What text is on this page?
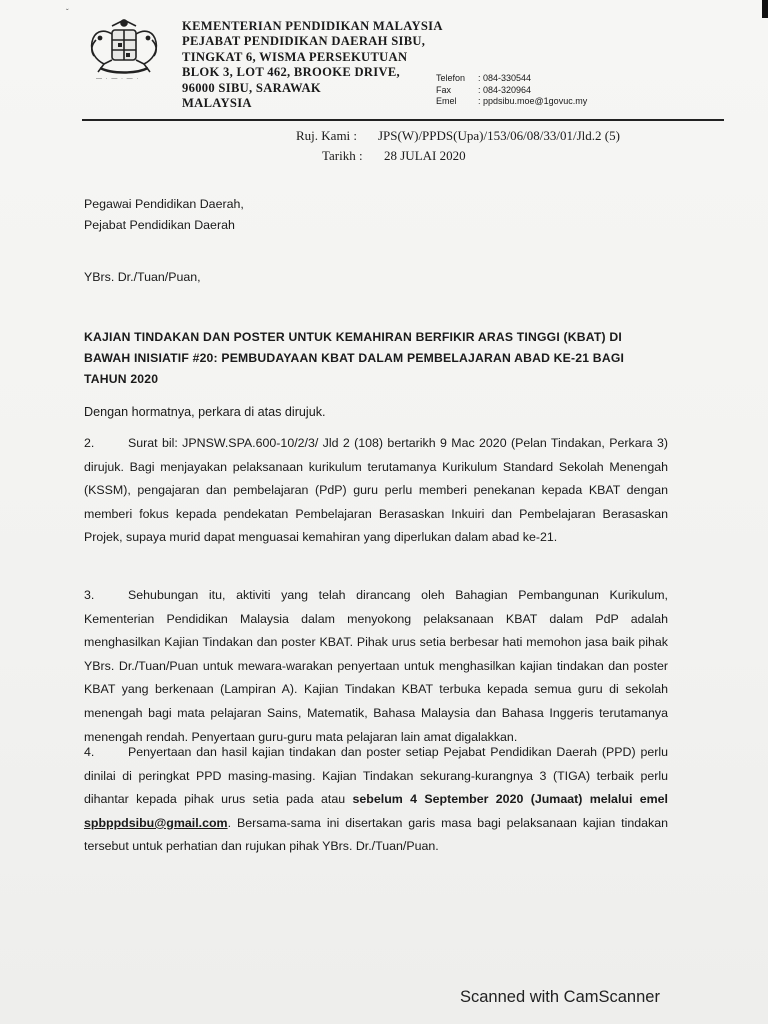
ˇ
— · — · — ·
KEMENTERIAN PENDIDIKAN MALAYSIA
PEJABAT PENDIDIKAN DAERAH SIBU,
TINGKAT 6, WISMA PERSEKUTUAN
BLOK 3, LOT 462, BROOKE DRIVE,
96000 SIBU, SARAWAK
MALAYSIA
Telefon	: 084-330544
Fax	: 084-320964
Emel	: ppdsibu.moe@1govuc.my
Ruj. Kami : JPS(W)/PPDS(Upa)/153/06/08/33/01/Jld.2 (5)
Tarikh : 28 JULAI 2020
Pegawai Pendidikan Daerah,
Pejabat Pendidikan Daerah
YBrs. Dr./Tuan/Puan,
KAJIAN TINDAKAN DAN POSTER UNTUK KEMAHIRAN BERFIKIR ARAS TINGGI (KBAT) DI
BAWAH INISIATIF #20: PEMBUDAYAAN KBAT DALAM PEMBELAJARAN ABAD KE-21 BAGI
TAHUN 2020
Dengan hormatnya, perkara di atas dirujuk.
2.	Surat bil: JPNSW.SPA.600-10/2/3/ Jld 2 (108) bertarikh 9 Mac 2020 (Pelan Tindakan, Perkara 3) dirujuk. Bagi menjayakan pelaksanaan kurikulum terutamanya Kurikulum Standard Sekolah Menengah (KSSM), pengajaran dan pembelajaran (PdP) guru perlu memberi penekanan kepada KBAT dengan memberi fokus kepada pendekatan Pembelajaran Berasaskan Inkuiri dan Pembelajaran Berasaskan Projek, supaya murid dapat menguasai kemahiran yang diperlukan dalam abad ke-21.
3.	Sehubungan itu, aktiviti yang telah dirancang oleh Bahagian Pembangunan Kurikulum, Kementerian Pendidikan Malaysia dalam menyokong pelaksanaan KBAT dalam PdP adalah menghasilkan Kajian Tindakan dan poster KBAT. Pihak urus setia berbesar hati memohon jasa baik pihak YBrs. Dr./Tuan/Puan untuk mewara-warakan penyertaan untuk menghasilkan kajian tindakan dan poster KBAT yang berkenaan (Lampiran A). Kajian Tindakan KBAT terbuka kepada semua guru di sekolah menengah bagi mata pelajaran Sains, Matematik, Bahasa Malaysia dan Bahasa Inggeris terutamanya menengah rendah. Penyertaan guru-guru mata pelajaran lain amat digalakkan.
4.	Penyertaan dan hasil kajian tindakan dan poster setiap Pejabat Pendidikan Daerah (PPD) perlu dinilai di peringkat PPD masing-masing. Kajian Tindakan sekurang-kurangnya 3 (TIGA) terbaik perlu dihantar kepada pihak urus setia pada atau sebelum 4 September 2020 (Jumaat) melalui emel spbppdsibu@gmail.com. Bersama-sama ini disertakan garis masa bagi pelaksanaan kajian tindakan tersebut untuk perhatian dan rujukan pihak YBrs. Dr./Tuan/Puan.
Scanned with CamScanner
